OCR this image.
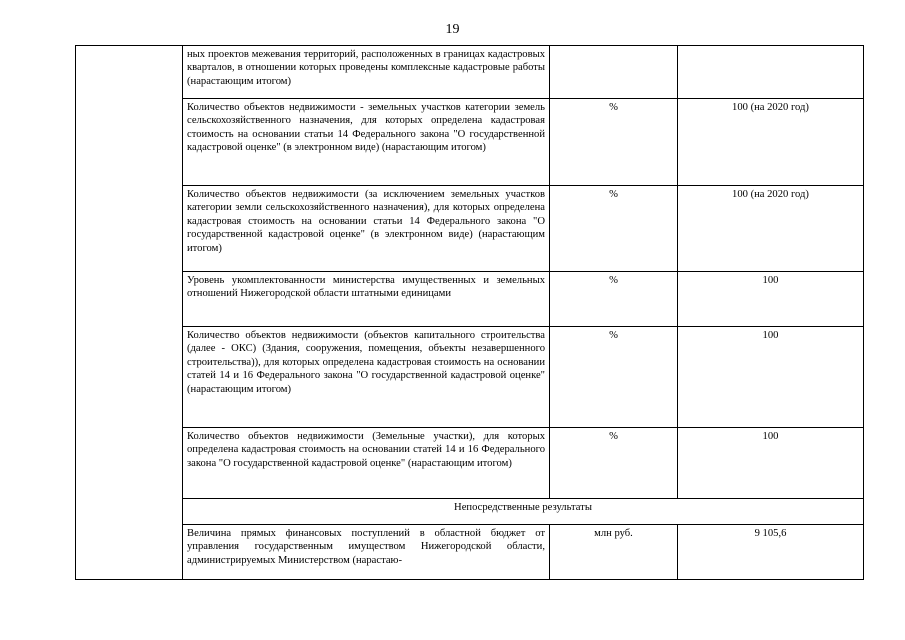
19
	ных проектов межевания территорий, расположенных в границах кадастровых кварталов, в отношении которых проведены комплексные кадастровые работы (нарастающим итогом)		
	Количество объектов недвижимости - земельных участков категории земель сельскохозяйственного назначения, для которых определена кадастровая стоимость на основании статьи 14 Федерального закона "О государственной кадастровой оценке" (в электронном виде) (нарастающим итогом)	%	100 (на 2020 год)
	Количество объектов недвижимости (за исключением земельных участков категории земли сельскохозяйственного назначения), для которых определена кадастровая стоимость на основании статьи 14 Федерального закона "О государственной кадастровой оценке" (в электронном виде) (нарастающим итогом)	%	100 (на 2020 год)
	Уровень укомплектованности министерства имущественных и земельных отношений Нижегородской области штатными единицами	%	100
	Количество объектов недвижимости (объектов капитального строительства (далее - ОКС) (Здания, сооружения, помещения, объекты незавершенного строительства)), для которых определена кадастровая стоимость на основании статей 14 и 16 Федерального закона "О государственной кадастровой оценке" (нарастающим итогом)	%	100
	Количество объектов недвижимости (Земельные участки), для которых определена кадастровая стоимость на основании статей 14 и 16 Федерального закона "О государственной кадастровой оценке" (нарастающим итогом)	%	100
	Непосредственные результаты		
	Величина прямых финансовых поступлений в областной бюджет от управления государственным имуществом Нижегородской области, администрируемых Министерством (нарастаю-	млн руб.	9 105,6
